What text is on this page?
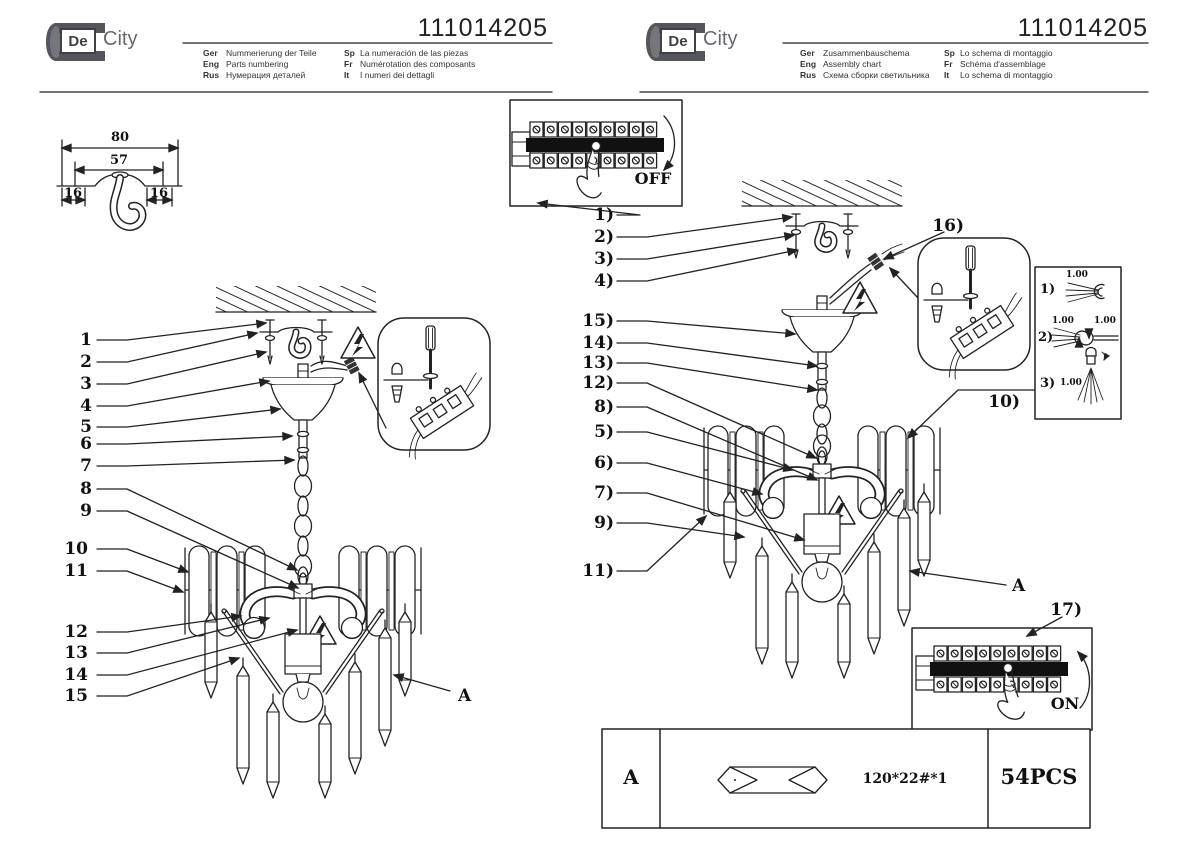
De City	111014205
Ger Nummerierung der Teile
Eng Parts numbering
Rus Нумерация деталей
Sp La numeración de las piezas
Fr Numérotation des composants
It	I numeri dei dettagli
De City	111014205
Ger Zusammenbauschema
Eng Assembly chart
Rus Схема сборки светильника
Sp Lo schema di montaggio
Fr Schéma d'assemblage
It	Lo schema di montaggio
80
57
16	16
1
2
3
4
5
6
7
8
9
10
11
12
13
14
15	A
1)
2)
3)
4)
15)
14)
13)
12)
8)
5)
6)
7)
9)
11)
16)
10)
17)
A
OFF
ON
1)
2)
3)
1.00
1.00 1.00
1.00
A	120*22#*1	54PCS
